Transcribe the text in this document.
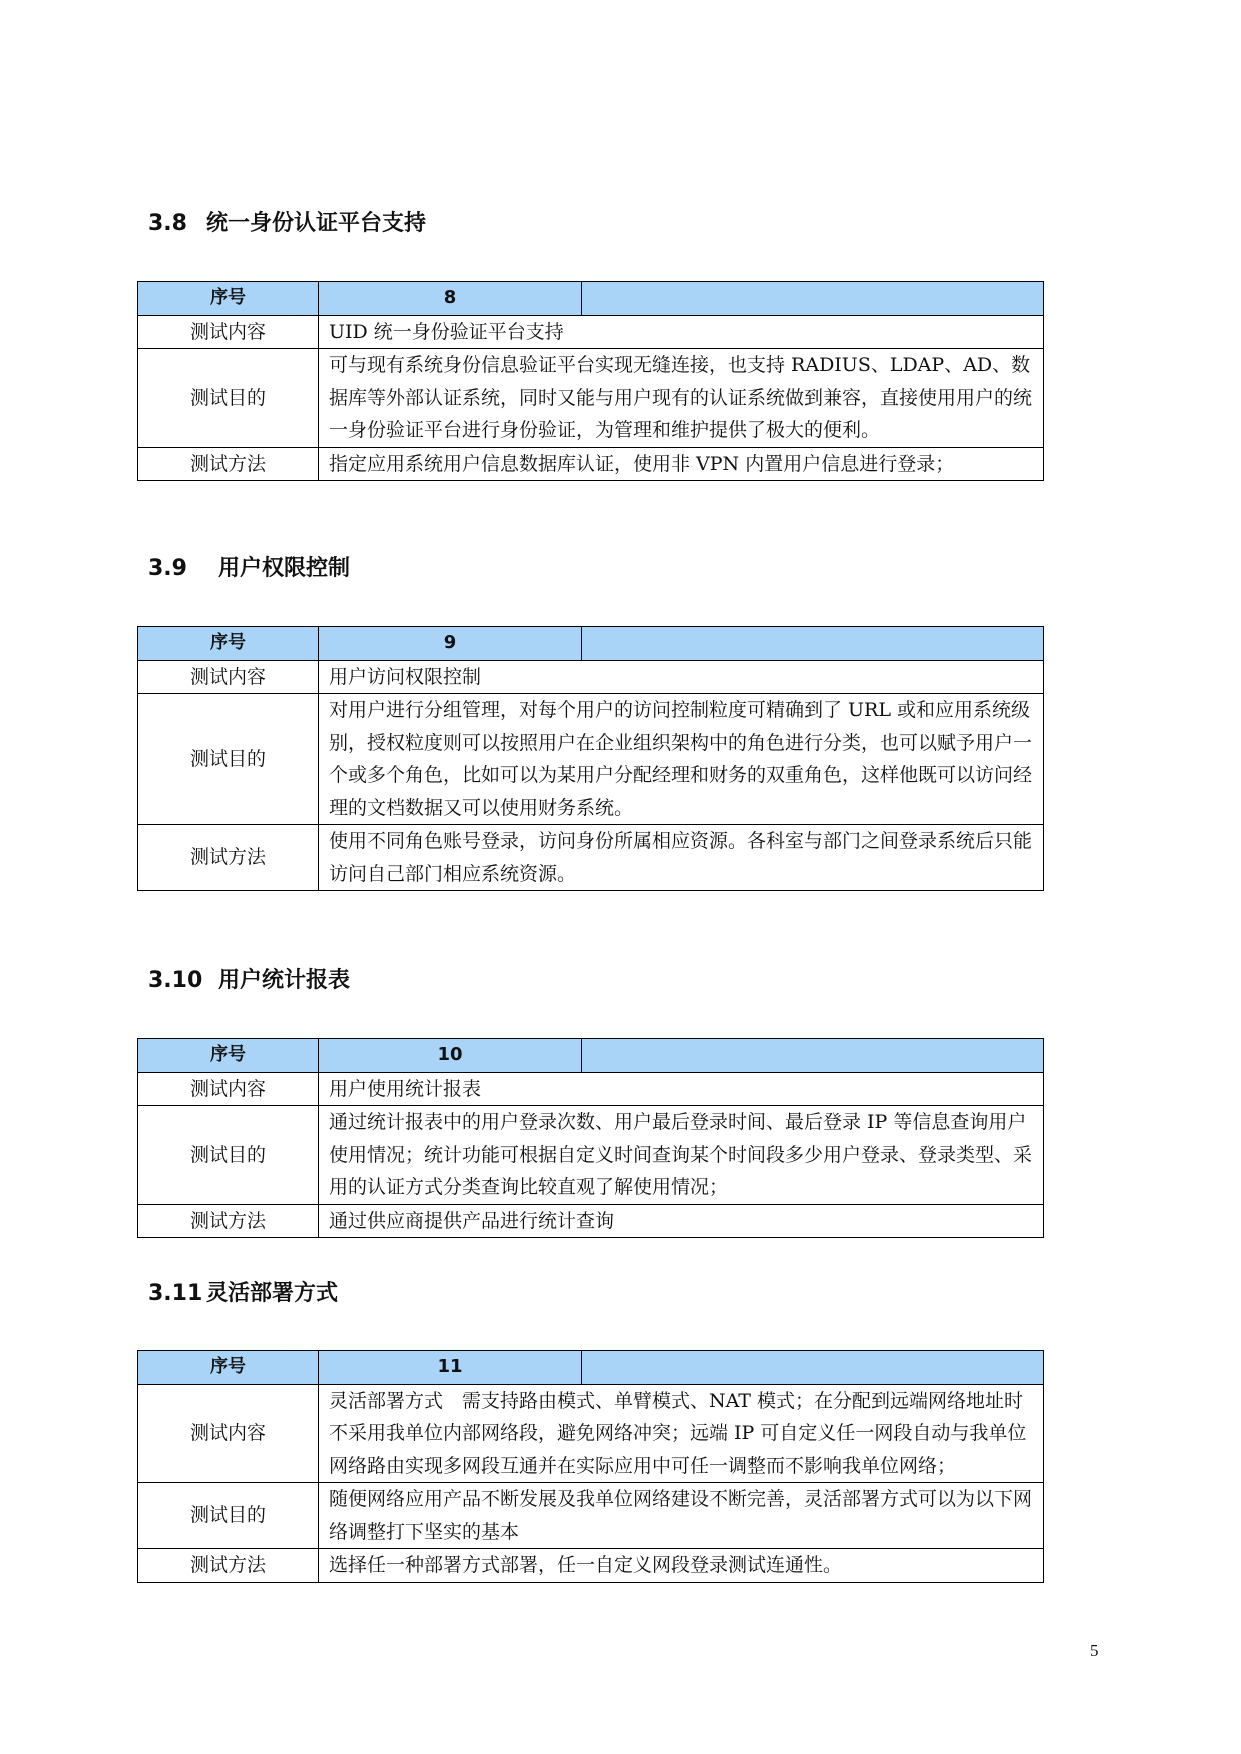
3.8 统一身份认证平台支持
序号	8	
测试内容	UID 统一身份验证平台支持	
测试目的	可与现有系统身份信息验证平台实现无缝连接，也支持 RADIUS、LDAP、AD、数据库等外部认证系统，同时又能与用户现有的认证系统做到兼容，直接使用用户的统一身份验证平台进行身份验证，为管理和维护提供了极大的便利。	
测试方法	指定应用系统用户信息数据库认证，使用非 VPN 内置用户信息进行登录；	
3.9 用户权限控制
序号	9	
测试内容	用户访问权限控制	
测试目的	对用户进行分组管理，对每个用户的访问控制粒度可精确到了 URL 或和应用系统级别，授权粒度则可以按照用户在企业组织架构中的角色进行分类，也可以赋予用户一个或多个角色，比如可以为某用户分配经理和财务的双重角色，这样他既可以访问经理的文档数据又可以使用财务系统。	
测试方法	使用不同角色账号登录，访问身份所属相应资源。各科室与部门之间登录系统后只能访问自己部门相应系统资源。	
3.10 用户统计报表
序号	10	
测试内容	用户使用统计报表	
测试目的	通过统计报表中的用户登录次数、用户最后登录时间、最后登录 IP 等信息查询用户使用情况；统计功能可根据自定义时间查询某个时间段多少用户登录、登录类型、采用的认证方式分类查询比较直观了解使用情况；	
测试方法	通过供应商提供产品进行统计查询	
3.11 灵活部署方式
序号	11	
测试内容	灵活部署方式　需支持路由模式、单臂模式、NAT 模式；在分配到远端网络地址时不采用我单位内部网络段，避免网络冲突；远端 IP 可自定义任一网段自动与我单位网络路由实现多网段互通并在实际应用中可任一调整而不影响我单位网络；	
测试目的	随便网络应用产品不断发展及我单位网络建设不断完善，灵活部署方式可以为以下网络调整打下坚实的基本	
测试方法	选择任一种部署方式部署，任一自定义网段登录测试连通性。	
5
